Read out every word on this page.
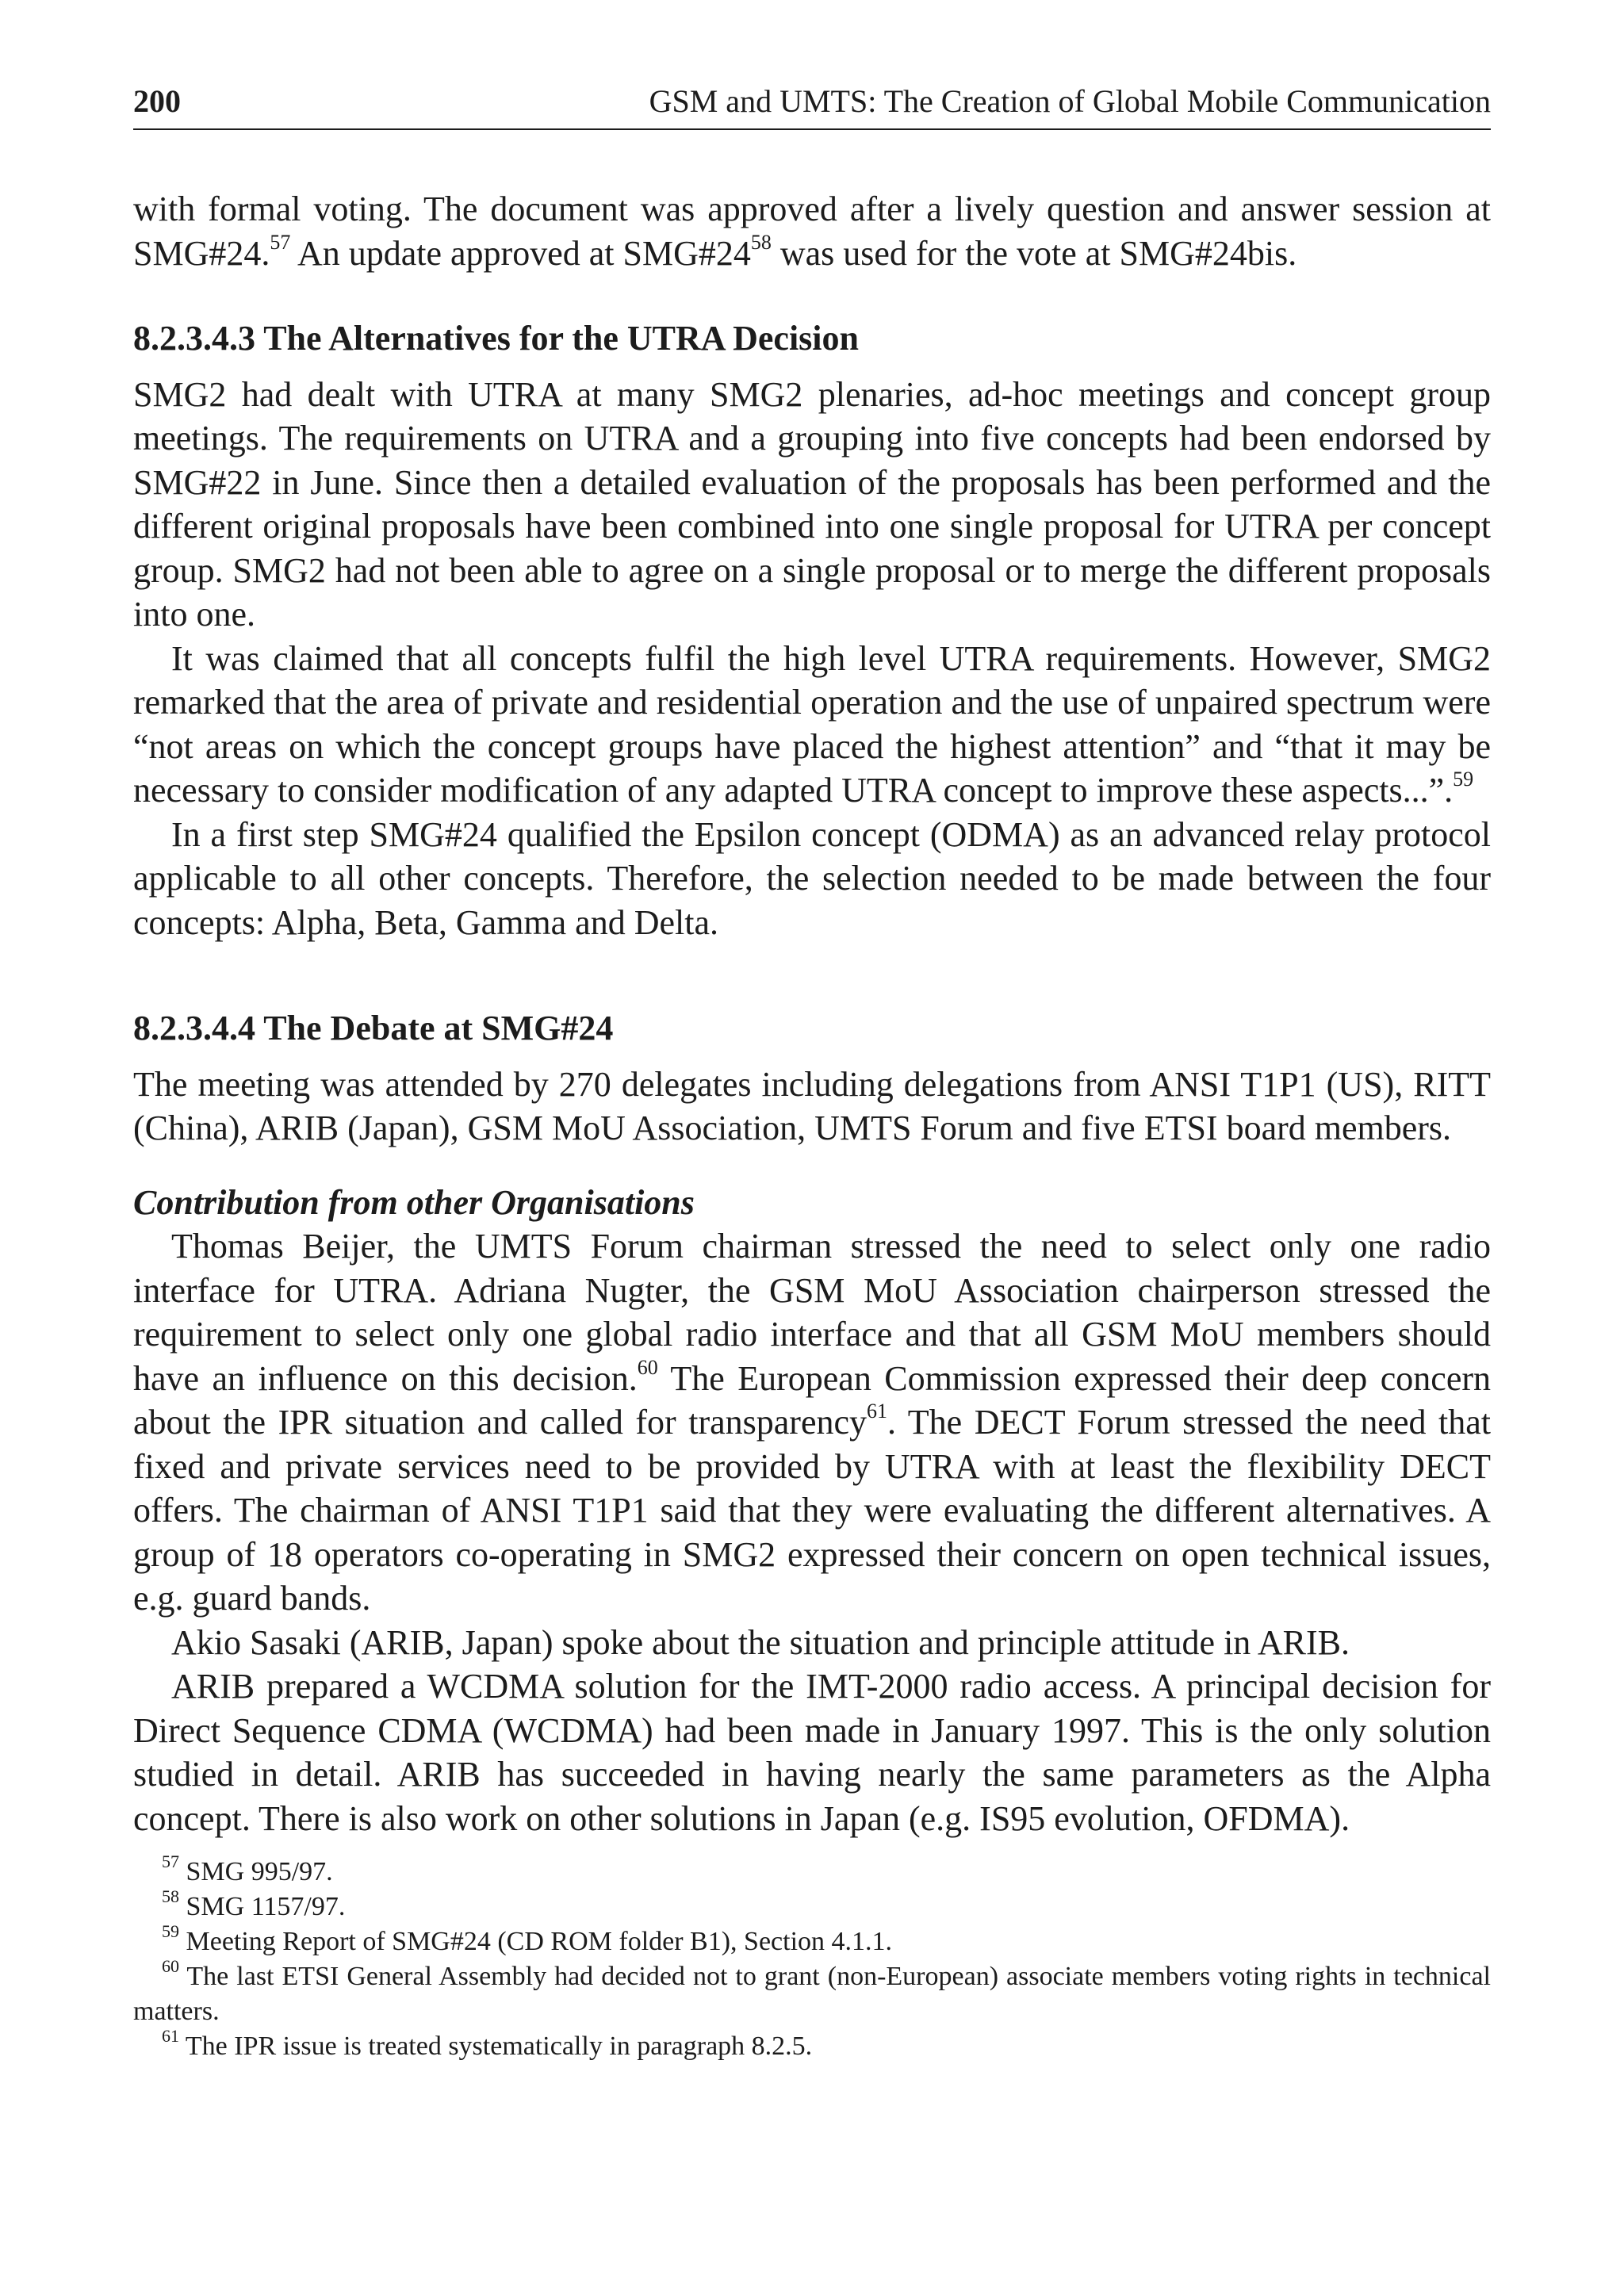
200	GSM and UMTS: The Creation of Global Mobile Communication

with formal voting. The document was approved after a lively question and answer session at SMG#24.57 An update approved at $SMG\#24^{58}$ was used for the vote at SMG#24bis.

8.2.3.4.3 The Alternatives for the UTRA Decision

SMG2 had dealt with UTRA at many SMG2 plenaries, ad-hoc meetings and concept group meetings. The requirements on UTRA and a grouping into five concepts had been endorsed by SMG#22 in June. Since then a detailed evaluation of the proposals has been performed and the different original proposals have been combined into one single proposal for UTRA per concept group. SMG2 had not been able to agree on a single proposal or to merge the different proposals into one.

It was claimed that all concepts fulfil the high level UTRA requirements. However, SMG2 remarked that the area of private and residential operation and the use of unpaired spectrum were “not areas on which the concept groups have placed the highest attention” and “that it may be necessary to consider modification of any adapted UTRA concept to improve these aspects...”.$^{59}$

In a first step SMG#24 qualified the Epsilon concept (ODMA) as an advanced relay protocol applicable to all other concepts. Therefore, the selection needed to be made between the four concepts: Alpha, Beta, Gamma and Delta.

8.2.3.4.4 The Debate at SMG#24

The meeting was attended by 270 delegates including delegations from ANSI T1P1 (US), RITT (China), ARIB (Japan), GSM MoU Association, UMTS Forum and five ETSI board members.

Contribution from other Organisations

Thomas Beijer, the UMTS Forum chairman stressed the need to select only one radio interface for UTRA. Adriana Nugter, the GSM MoU Association chairperson stressed the requirement to select only one global radio interface and that all GSM MoU members should have an influence on this decision.$^{60}$ The European Commission expressed their deep concern about the IPR situation and called for transparency$^{61}$. The DECT Forum stressed the need that fixed and private services need to be provided by UTRA with at least the flexibility DECT offers. The chairman of ANSI T1P1 said that they were evaluating the different alternatives. A group of 18 operators co-operating in SMG2 expressed their concern on open technical issues, e.g. guard bands.

Akio Sasaki (ARIB, Japan) spoke about the situation and principle attitude in ARIB.

ARIB prepared a WCDMA solution for the IMT-2000 radio access. A principal decision for Direct Sequence CDMA (WCDMA) had been made in January 1997. This is the only solution studied in detail. ARIB has succeeded in having nearly the same parameters as the Alpha concept. There is also work on other solutions in Japan (e.g. IS95 evolution, OFDMA).

$^{57}$ SMG 995/97.

$^{58}$ SMG 1157/97.

$^{59}$ Meeting Report of SMG#24 (CD ROM folder B1), Section 4.1.1.

$^{60}$ The last ETSI General Assembly had decided not to grant (non-European) associate members voting rights in technical matters.

$^{61}$ The IPR issue is treated systematically in paragraph 8.2.5.
